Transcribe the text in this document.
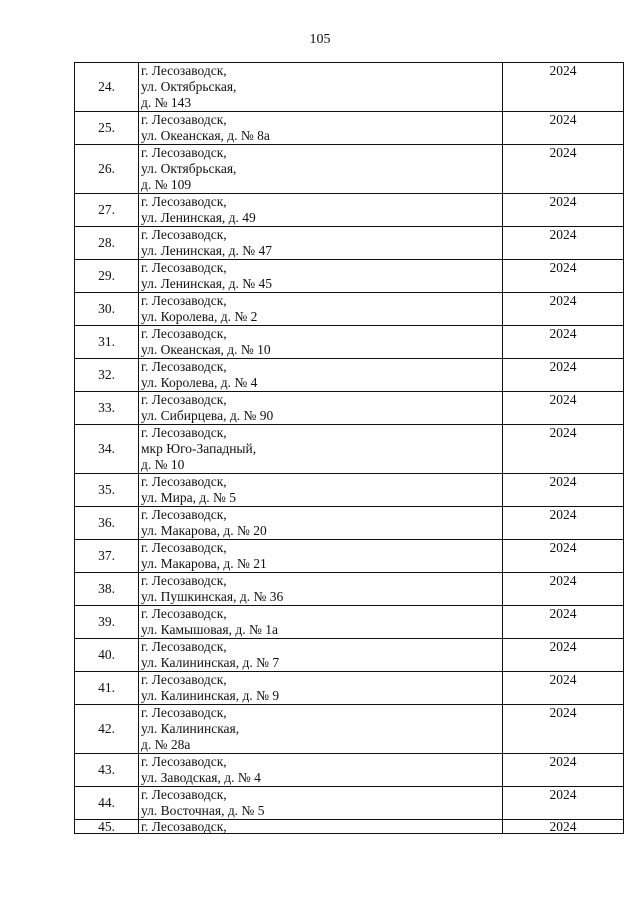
105
24.	г. Лесозаводск,
ул. Октябрьская,
д. № 143	2024
25.	г. Лесозаводск,
ул. Океанская, д. № 8а	2024
26.	г. Лесозаводск,
ул. Октябрьская,
д. № 109	2024
27.	г. Лесозаводск,
ул. Ленинская, д. 49	2024
28.	г. Лесозаводск,
ул. Ленинская, д. № 47	2024
29.	г. Лесозаводск,
ул. Ленинская, д. № 45	2024
30.	г. Лесозаводск,
ул. Королева, д. № 2	2024
31.	г. Лесозаводск,
ул. Океанская, д. № 10	2024
32.	г. Лесозаводск,
ул. Королева, д. № 4	2024
33.	г. Лесозаводск,
ул. Сибирцева, д. № 90	2024
34.	г. Лесозаводск,
мкр Юго-Западный,
д. № 10	2024
35.	г. Лесозаводск,
ул. Мира, д. № 5	2024
36.	г. Лесозаводск,
ул. Макарова, д. № 20	2024
37.	г. Лесозаводск,
ул. Макарова, д. № 21	2024
38.	г. Лесозаводск,
ул. Пушкинская, д. № 36	2024
39.	г. Лесозаводск,
ул. Камышовая, д. № 1а	2024
40.	г. Лесозаводск,
ул. Калининская, д. № 7	2024
41.	г. Лесозаводск,
ул. Калининская, д. № 9	2024
42.	г. Лесозаводск,
ул. Калининская,
д. № 28а	2024
43.	г. Лесозаводск,
ул. Заводская, д. № 4	2024
44.	г. Лесозаводск,
ул. Восточная, д. № 5	2024
45.	г. Лесозаводск,	2024
